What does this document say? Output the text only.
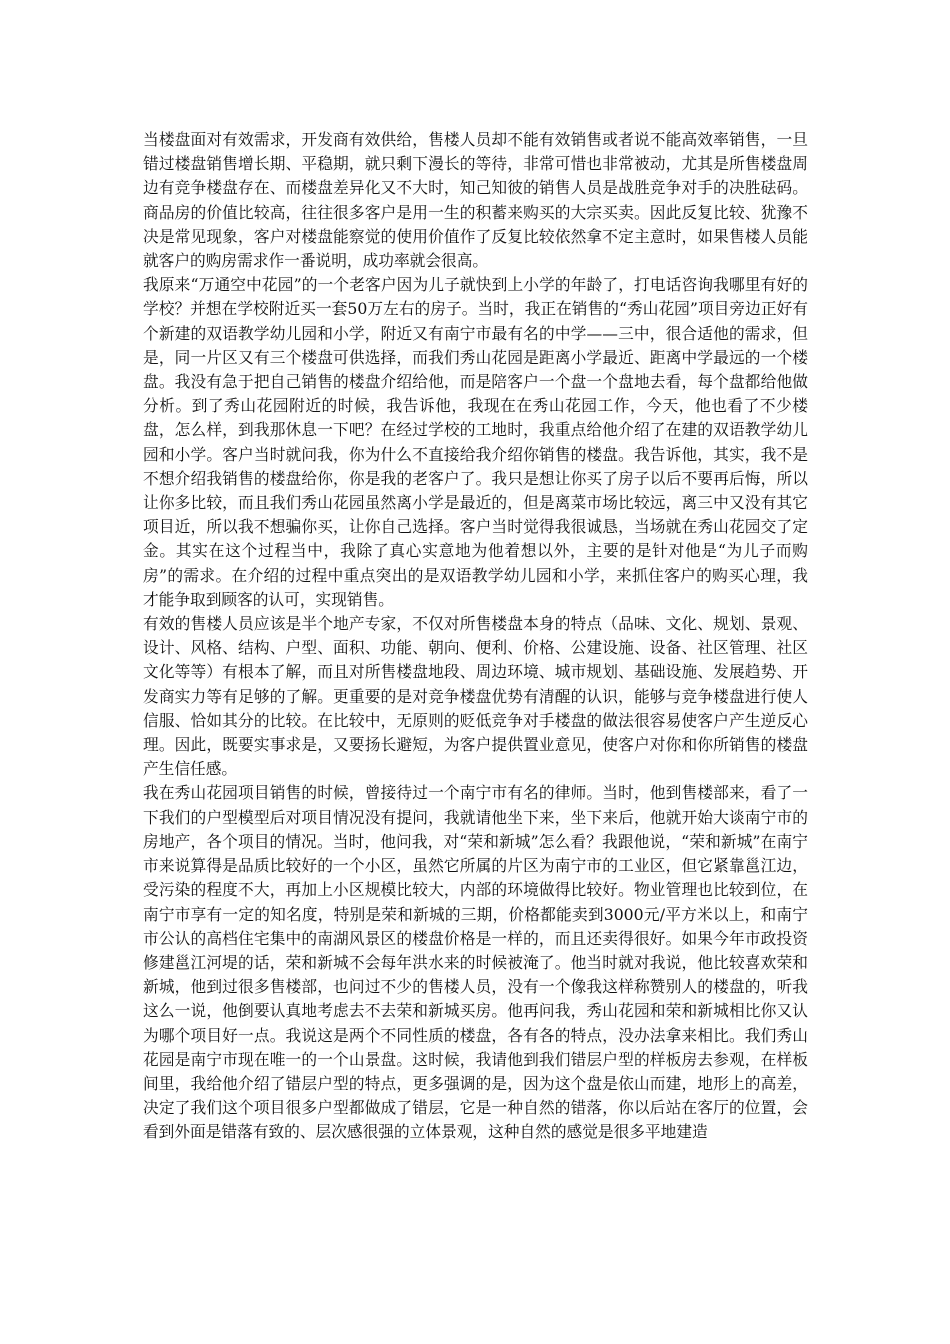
当楼盘面对有效需求，开发商有效供给，售楼人员却不能有效销售或者说不能高效率销售，一旦错过楼盘销售增长期、平稳期，就只剩下漫长的等待，非常可惜也非常被动，尤其是所售楼盘周边有竞争楼盘存在、而楼盘差异化又不大时，知己知彼的销售人员是战胜竞争对手的决胜砝码。商品房的价值比较高，往往很多客户是用一生的积蓄来购买的大宗买卖。因此反复比较、犹豫不决是常见现象，客户对楼盘能察觉的使用价值作了反复比较依然拿不定主意时，如果售楼人员能就客户的购房需求作一番说明，成功率就会很高。

我原来“万通空中花园”的一个老客户因为儿子就快到上小学的年龄了，打电话咨询我哪里有好的学校？并想在学校附近买一套50万左右的房子。当时，我正在销售的“秀山花园”项目旁边正好有个新建的双语教学幼儿园和小学，附近又有南宁市最有名的中学——三中，很合适他的需求，但是，同一片区又有三个楼盘可供选择，而我们秀山花园是距离小学最近、距离中学最远的一个楼盘。我没有急于把自己销售的楼盘介绍给他，而是陪客户一个盘一个盘地去看，每个盘都给他做分析。到了秀山花园附近的时候，我告诉他，我现在在秀山花园工作，今天，他也看了不少楼盘，怎么样，到我那休息一下吧？在经过学校的工地时，我重点给他介绍了在建的双语教学幼儿园和小学。客户当时就问我，你为什么不直接给我介绍你销售的楼盘。我告诉他，其实，我不是不想介绍我销售的楼盘给你，你是我的老客户了。我只是想让你买了房子以后不要再后悔，所以让你多比较，而且我们秀山花园虽然离小学是最近的，但是离菜市场比较远，离三中又没有其它项目近，所以我不想骗你买，让你自己选择。客户当时觉得我很诚恳，当场就在秀山花园交了定金。其实在这个过程当中，我除了真心实意地为他着想以外，主要的是针对他是“为儿子而购房”的需求。在介绍的过程中重点突出的是双语教学幼儿园和小学，来抓住客户的购买心理，我才能争取到顾客的认可，实现销售。

有效的售楼人员应该是半个地产专家，不仅对所售楼盘本身的特点（品味、文化、规划、景观、设计、风格、结构、户型、面积、功能、朝向、便利、价格、公建设施、设备、社区管理、社区文化等等）有根本了解，而且对所售楼盘地段、周边环境、城市规划、基础设施、发展趋势、开发商实力等有足够的了解。更重要的是对竞争楼盘优势有清醒的认识，能够与竞争楼盘进行使人信服、恰如其分的比较。在比较中，无原则的贬低竞争对手楼盘的做法很容易使客户产生逆反心理。因此，既要实事求是，又要扬长避短，为客户提供置业意见，使客户对你和你所销售的楼盘产生信任感。

我在秀山花园项目销售的时候，曾接待过一个南宁市有名的律师。当时，他到售楼部来，看了一下我们的户型模型后对项目情况没有提问，我就请他坐下来，坐下来后，他就开始大谈南宁市的房地产，各个项目的情况。当时，他问我，对“荣和新城”怎么看？我跟他说，“荣和新城”在南宁市来说算得是品质比较好的一个小区，虽然它所属的片区为南宁市的工业区，但它紧靠邕江边，受污染的程度不大，再加上小区规模比较大，内部的环境做得比较好。物业管理也比较到位，在南宁市享有一定的知名度，特别是荣和新城的三期，价格都能卖到3000元/平方米以上，和南宁市公认的高档住宅集中的南湖风景区的楼盘价格是一样的，而且还卖得很好。如果今年市政投资修建邕江河堤的话，荣和新城不会每年洪水来的时候被淹了。他当时就对我说，他比较喜欢荣和新城，他到过很多售楼部，也问过不少的售楼人员，没有一个像我这样称赞别人的楼盘的，听我这么一说，他倒要认真地考虑去不去荣和新城买房。他再问我，秀山花园和荣和新城相比你又认为哪个项目好一点。我说这是两个不同性质的楼盘，各有各的特点，没办法拿来相比。我们秀山花园是南宁市现在唯一的一个山景盘。这时候，我请他到我们错层户型的样板房去参观，在样板间里，我给他介绍了错层户型的特点，更多强调的是，因为这个盘是依山而建，地形上的高差，决定了我们这个项目很多户型都做成了错层，它是一种自然的错落，你以后站在客厅的位置，会看到外面是错落有致的、层次感很强的立体景观，这种自然的感觉是很多平地建造
